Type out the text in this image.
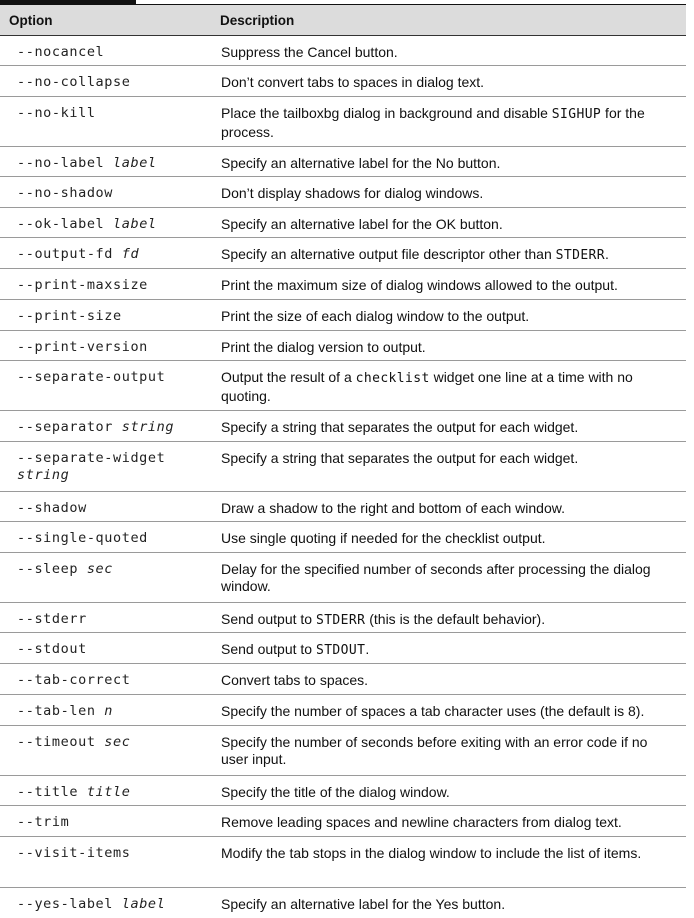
Option	Description
--nocancel	Suppress the Cancel button.
--no-collapse	Don’t convert tabs to spaces in dialog text.
--no-kill	Place the tailboxbg dialog in background and disable SIGHUP for the process.
--no-label label	Specify an alternative label for the No button.
--no-shadow	Don’t display shadows for dialog windows.
--ok-label label	Specify an alternative label for the OK button.
--output-fd fd	Specify an alternative output file descriptor other than STDERR.
--print-maxsize	Print the maximum size of dialog windows allowed to the output.
--print-size	Print the size of each dialog window to the output.
--print-version	Print the dialog version to output.
--separate-output	Output the result of a checklist widget one line at a time with no quoting.
--separator string	Specify a string that separates the output for each widget.
--separate-widget string	Specify a string that separates the output for each widget.
--shadow	Draw a shadow to the right and bottom of each window.
--single-quoted	Use single quoting if needed for the checklist output.
--sleep sec	Delay for the specified number of seconds after processing the dialog window.
--stderr	Send output to STDERR (this is the default behavior).
--stdout	Send output to STDOUT.
--tab-correct	Convert tabs to spaces.
--tab-len n	Specify the number of spaces a tab character uses (the default is 8).
--timeout sec	Specify the number of seconds before exiting with an error code if no user input.
--title title	Specify the title of the dialog window.
--trim	Remove leading spaces and newline characters from dialog text.
--visit-items	Modify the tab stops in the dialog window to include the list of items.
--yes-label label	Specify an alternative label for the Yes button.
